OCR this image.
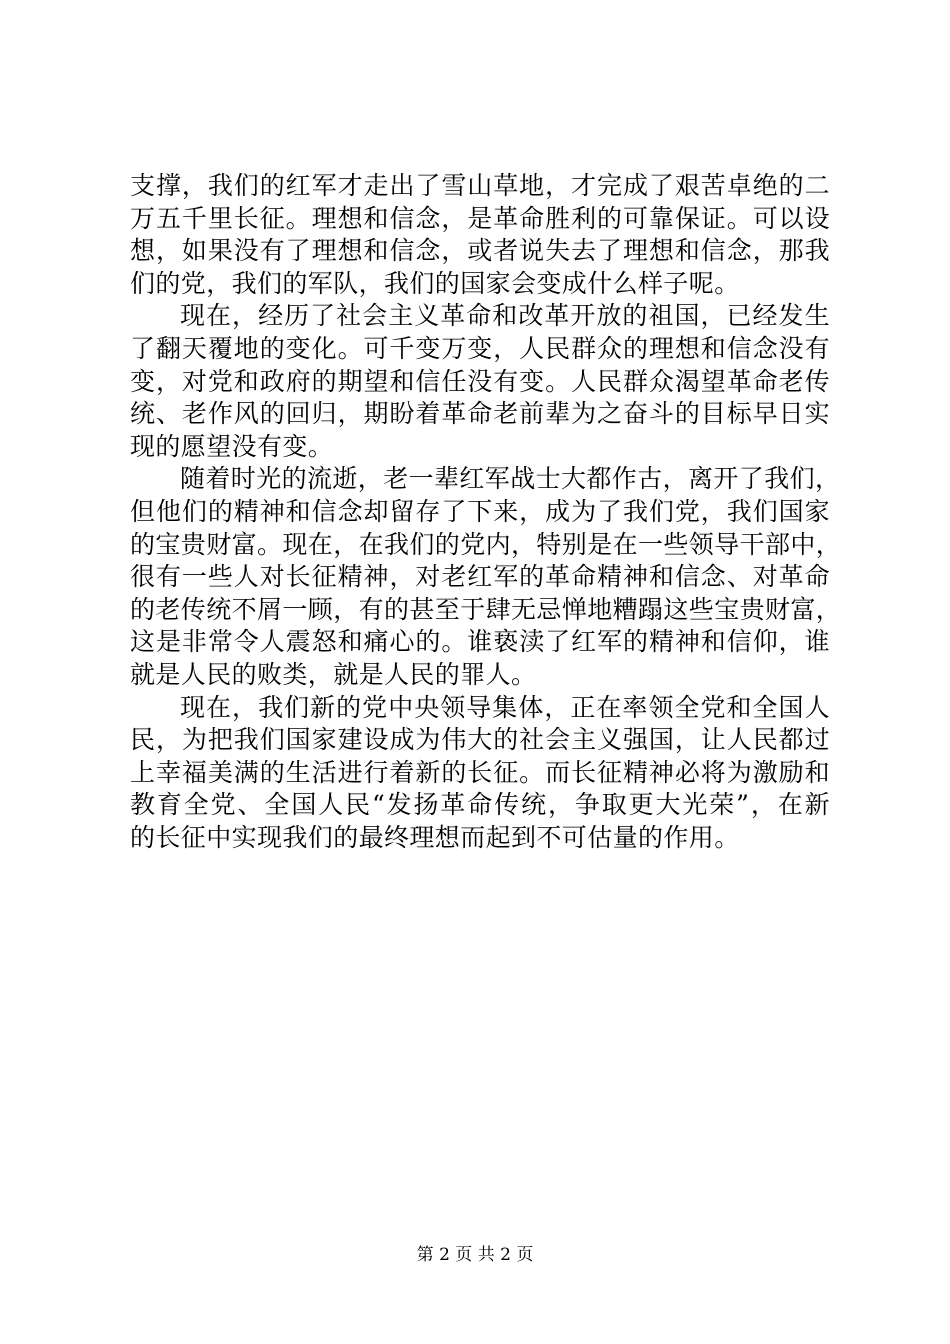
支撑，我们的红军才走出了雪山草地，才完成了艰苦卓绝的二
万五千里长征。理想和信念，是革命胜利的可靠保证。可以设
想，如果没有了理想和信念，或者说失去了理想和信念，那我
们的党，我们的军队，我们的国家会变成什么样子呢。
现在，经历了社会主义革命和改革开放的祖国，已经发生
了翻天覆地的变化。可千变万变，人民群众的理想和信念没有
变，对党和政府的期望和信任没有变。人民群众渴望革命老传
统、老作风的回归，期盼着革命老前辈为之奋斗的目标早日实
现的愿望没有变。
随着时光的流逝，老一辈红军战士大都作古，离开了我们，
但他们的精神和信念却留存了下来，成为了我们党，我们国家
的宝贵财富。现在，在我们的党内，特别是在一些领导干部中，
很有一些人对长征精神，对老红军的革命精神和信念、对革命
的老传统不屑一顾，有的甚至于肆无忌惮地糟蹋这些宝贵财富，
这是非常令人震怒和痛心的。谁亵渎了红军的精神和信仰，谁
就是人民的败类，就是人民的罪人。
现在，我们新的党中央领导集体，正在率领全党和全国人
民，为把我们国家建设成为伟大的社会主义强国，让人民都过
上幸福美满的生活进行着新的长征。而长征精神必将为激励和
教育全党、全国人民“发扬革命传统，争取更大光荣”，在新
的长征中实现我们的最终理想而起到不可估量的作用。
第 2 页 共 2 页
